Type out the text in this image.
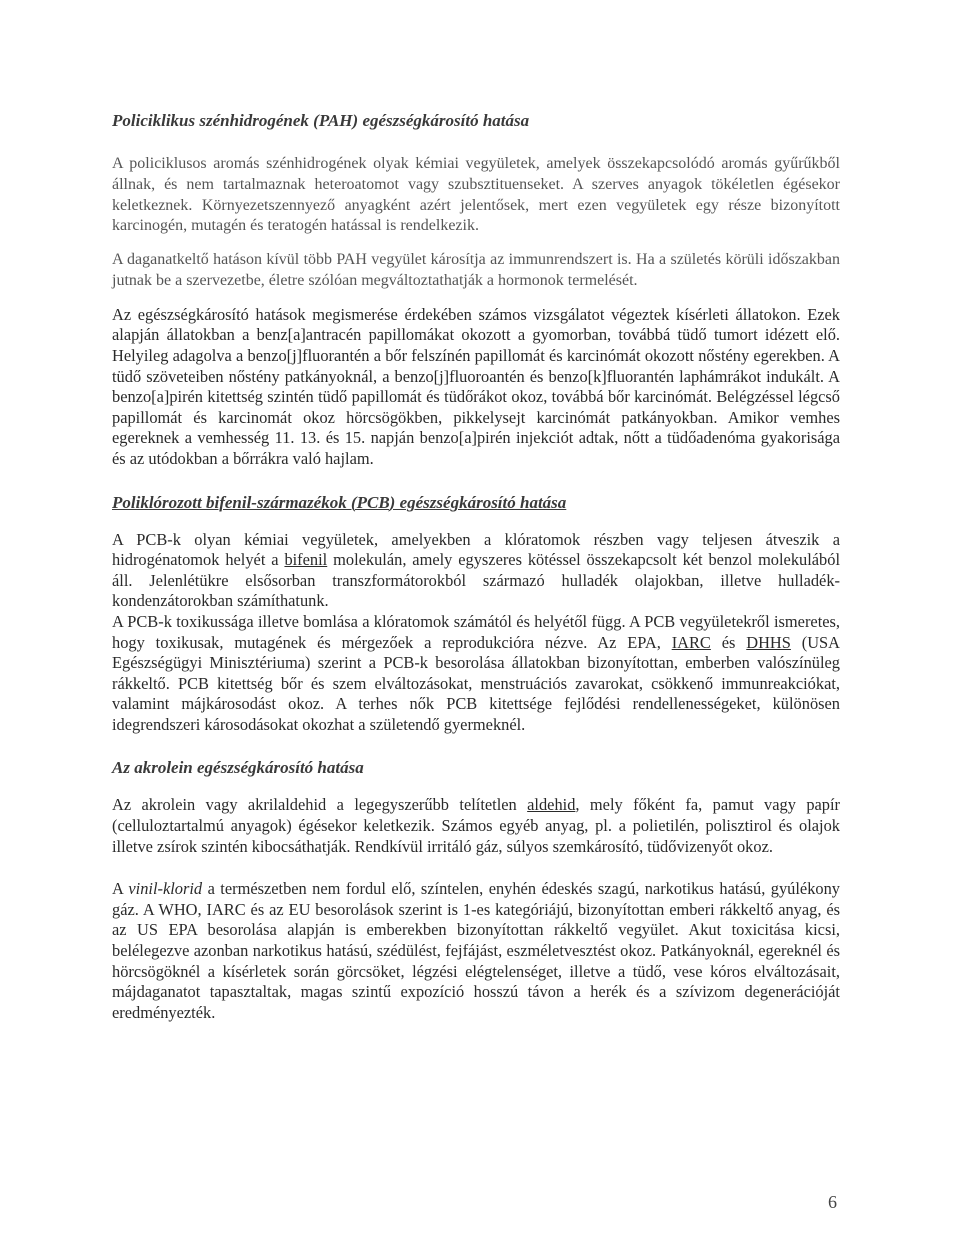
Policiklikus szénhidrogének (PAH) egészségkárosító hatása

A policiklusos aromás szénhidrogének olyak kémiai vegyületek, amelyek összekapcsolódó aromás gyűrűkből állnak, és nem tartalmaznak heteroatomot vagy szubsztituenseket. A szerves anyagok tökéletlen égésekor keletkeznek. Környezetszennyező anyagként azért jelentősek, mert ezen vegyületek egy része bizonyított karcinogén, mutagén és teratogén hatással is rendelkezik.

A daganatkeltő hatáson kívül több PAH vegyület károsítja az immunrendszert is. Ha a születés körüli időszakban jutnak be a szervezetbe, életre szólóan megváltoztathatják a hormonok termelését.

Az egészségkárosító hatások megismerése érdekében számos vizsgálatot végeztek kísérleti állatokon. Ezek alapján állatokban a benz[a]antracén papillomákat okozott a gyomorban, továbbá tüdő tumort idézett elő. Helyileg adagolva a benzo[j]fluorantén a bőr felszínén papillomát és karcinómát okozott nőstény egerekben. A tüdő szöveteiben nőstény patkányoknál, a benzo[j]fluoroantén és benzo[k]fluorantén laphámrákot indukált. A benzo[a]pirén kitettség szintén tüdő papillomát és tüdőrákot okoz, továbbá bőr karcinómát. Belégzéssel légcső papillomát és karcinomát okoz hörcsögökben, pikkelysejt karcinómát patkányokban. Amikor vemhes egereknek a vemhesség 11. 13. és 15. napján benzo[a]pirén injekciót adtak, nőtt a tüdőadenóma gyakorisága és az utódokban a bőrrákra való hajlam.

Poliklórozott bifenil-származékok (PCB) egészségkárosító hatása

A PCB-k olyan kémiai vegyületek, amelyekben a klóratomok részben vagy teljesen átveszik a hidrogénatomok helyét a bifenil molekulán, amely egyszeres kötéssel összekapcsolt két benzol molekulából áll. Jelenlétükre elsősorban transzformátorokból származó hulladék olajokban, illetve hulladék-kondenzátorokban számíthatunk.

A PCB-k toxikussága illetve bomlása a klóratomok számától és helyétől függ. A PCB vegyületekről ismeretes, hogy toxikusak, mutagének és mérgezőek a reprodukcióra nézve. Az EPA, IARC és DHHS (USA Egészségügyi Minisztériuma) szerint a PCB-k besorolása állatokban bizonyítottan, emberben valószínüleg rákkeltő. PCB kitettség bőr és szem elváltozásokat, menstruációs zavarokat, csökkenő immunreakciókat, valamint májkárosodást okoz. A terhes nők PCB kitettsége fejlődési rendellenességeket, különösen idegrendszeri károsodásokat okozhat a születendő gyermeknél.

Az akrolein egészségkárosító hatása

Az akrolein vagy akrilaldehid a legegyszerűbb telítetlen aldehid, mely főként fa, pamut vagy papír (celluloztartalmú anyagok) égésekor keletkezik. Számos egyéb anyag, pl. a polietilén, polisztirol és olajok illetve zsírok szintén kibocsáthatják. Rendkívül irritáló gáz, súlyos szemkárosító, tüdővizenyőt okoz.

A vinil-klorid a természetben nem fordul elő, színtelen, enyhén édeskés szagú, narkotikus hatású, gyúlékony gáz. A WHO, IARC és az EU besorolások szerint is 1-es kategóriájú, bizonyítottan emberi rákkeltő anyag, és az US EPA besorolása alapján is emberekben bizonyítottan rákkeltő vegyület. Akut toxicitása kicsi, belélegezve azonban narkotikus hatású, szédülést, fejfájást, eszméletvesztést okoz. Patkányoknál, egereknél és hörcsögöknél a kísérletek során görcsöket, légzési elégtelenséget, illetve a tüdő, vese kóros elváltozásait, májdaganatot tapasztaltak, magas szintű expozíció hosszú távon a herék és a szívizom degenerációját eredményezték.

6
